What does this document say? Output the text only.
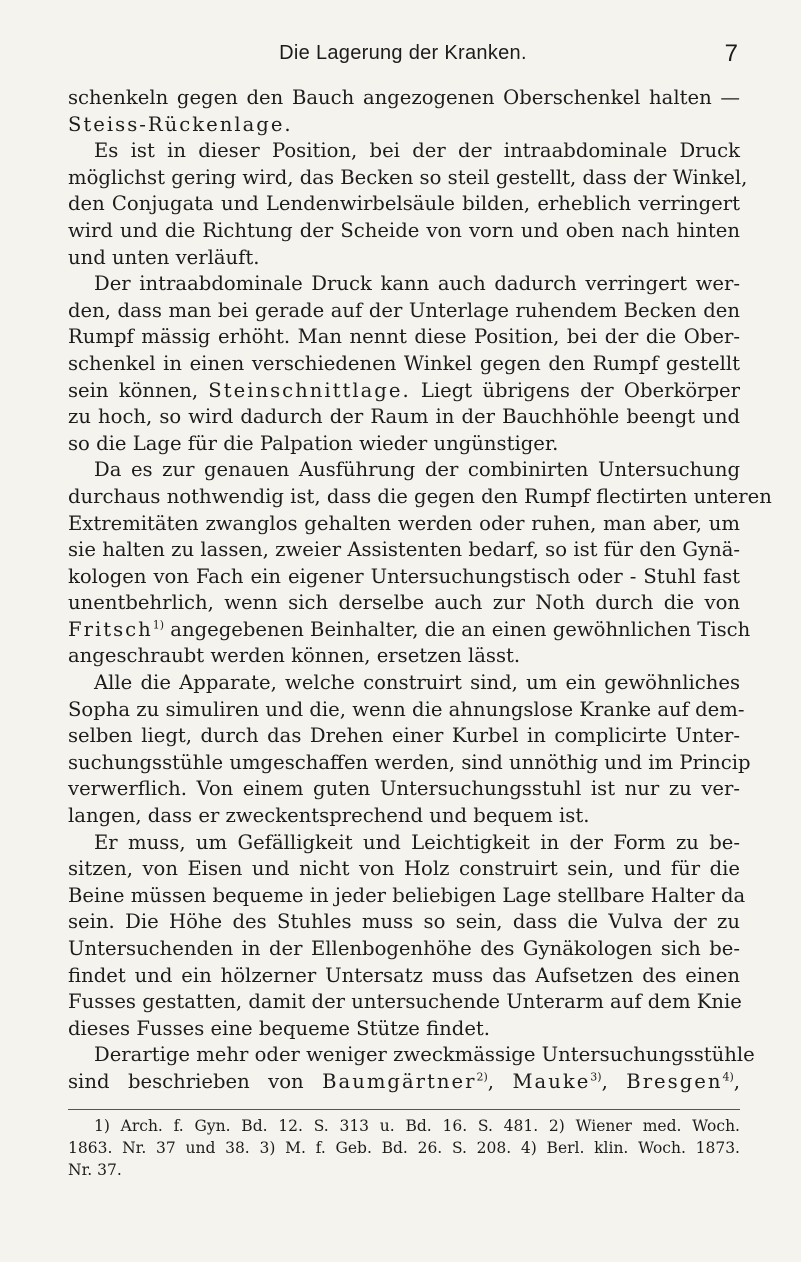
Die Lagerung der Kranken.	7
schenkeln gegen den Bauch angezogenen Oberschenkel halten —
Steiss-Rückenlage.
Es ist in dieser Position, bei der der intraabdominale Druck
möglichst gering wird, das Becken so steil gestellt, dass der Winkel,
den Conjugata und Lendenwirbelsäule bilden, erheblich verringert
wird und die Richtung der Scheide von vorn und oben nach hinten
und unten verläuft.
Der intraabdominale Druck kann auch dadurch verringert wer-
den, dass man bei gerade auf der Unterlage ruhendem Becken den
Rumpf mässig erhöht. Man nennt diese Position, bei der die Ober-
schenkel in einen verschiedenen Winkel gegen den Rumpf gestellt
sein können, Steinschnittlage. Liegt übrigens der Oberkörper
zu hoch, so wird dadurch der Raum in der Bauchhöhle beengt und
so die Lage für die Palpation wieder ungünstiger.
Da es zur genauen Ausführung der combinirten Untersuchung
durchaus nothwendig ist, dass die gegen den Rumpf flectirten unteren
Extremitäten zwanglos gehalten werden oder ruhen, man aber, um
sie halten zu lassen, zweier Assistenten bedarf, so ist für den Gynä-
kologen von Fach ein eigener Untersuchungstisch oder - Stuhl fast
unentbehrlich, wenn sich derselbe auch zur Noth durch die von
Fritsch$^{1)}$ angegebenen Beinhalter, die an einen gewöhnlichen Tisch
angeschraubt werden können, ersetzen lässt.
Alle die Apparate, welche construirt sind, um ein gewöhnliches
Sopha zu simuliren und die, wenn die ahnungslose Kranke auf dem-
selben liegt, durch das Drehen einer Kurbel in complicirte Unter-
suchungsstühle umgeschaffen werden, sind unnöthig und im Princip
verwerflich. Von einem guten Untersuchungsstuhl ist nur zu ver-
langen, dass er zweckentsprechend und bequem ist.
Er muss, um Gefälligkeit und Leichtigkeit in der Form zu be-
sitzen, von Eisen und nicht von Holz construirt sein, und für die
Beine müssen bequeme in jeder beliebigen Lage stellbare Halter da
sein. Die Höhe des Stuhles muss so sein, dass die Vulva der zu
Untersuchenden in der Ellenbogenhöhe des Gynäkologen sich be-
findet und ein hölzerner Untersatz muss das Aufsetzen des einen
Fusses gestatten, damit der untersuchende Unterarm auf dem Knie
dieses Fusses eine bequeme Stütze findet.
Derartige mehr oder weniger zweckmässige Untersuchungsstühle
sind beschrieben von Baumgärtner$^{2)}$, Mauke$^{3)}$, Bresgen$^{4)}$,
1) Arch. f. Gyn. Bd. 12. S. 313 u. Bd. 16. S. 481. 2) Wiener med. Woch.
1863. Nr. 37 und 38. 3) M. f. Geb. Bd. 26. S. 208. 4) Berl. klin. Woch. 1873.
Nr. 37.
